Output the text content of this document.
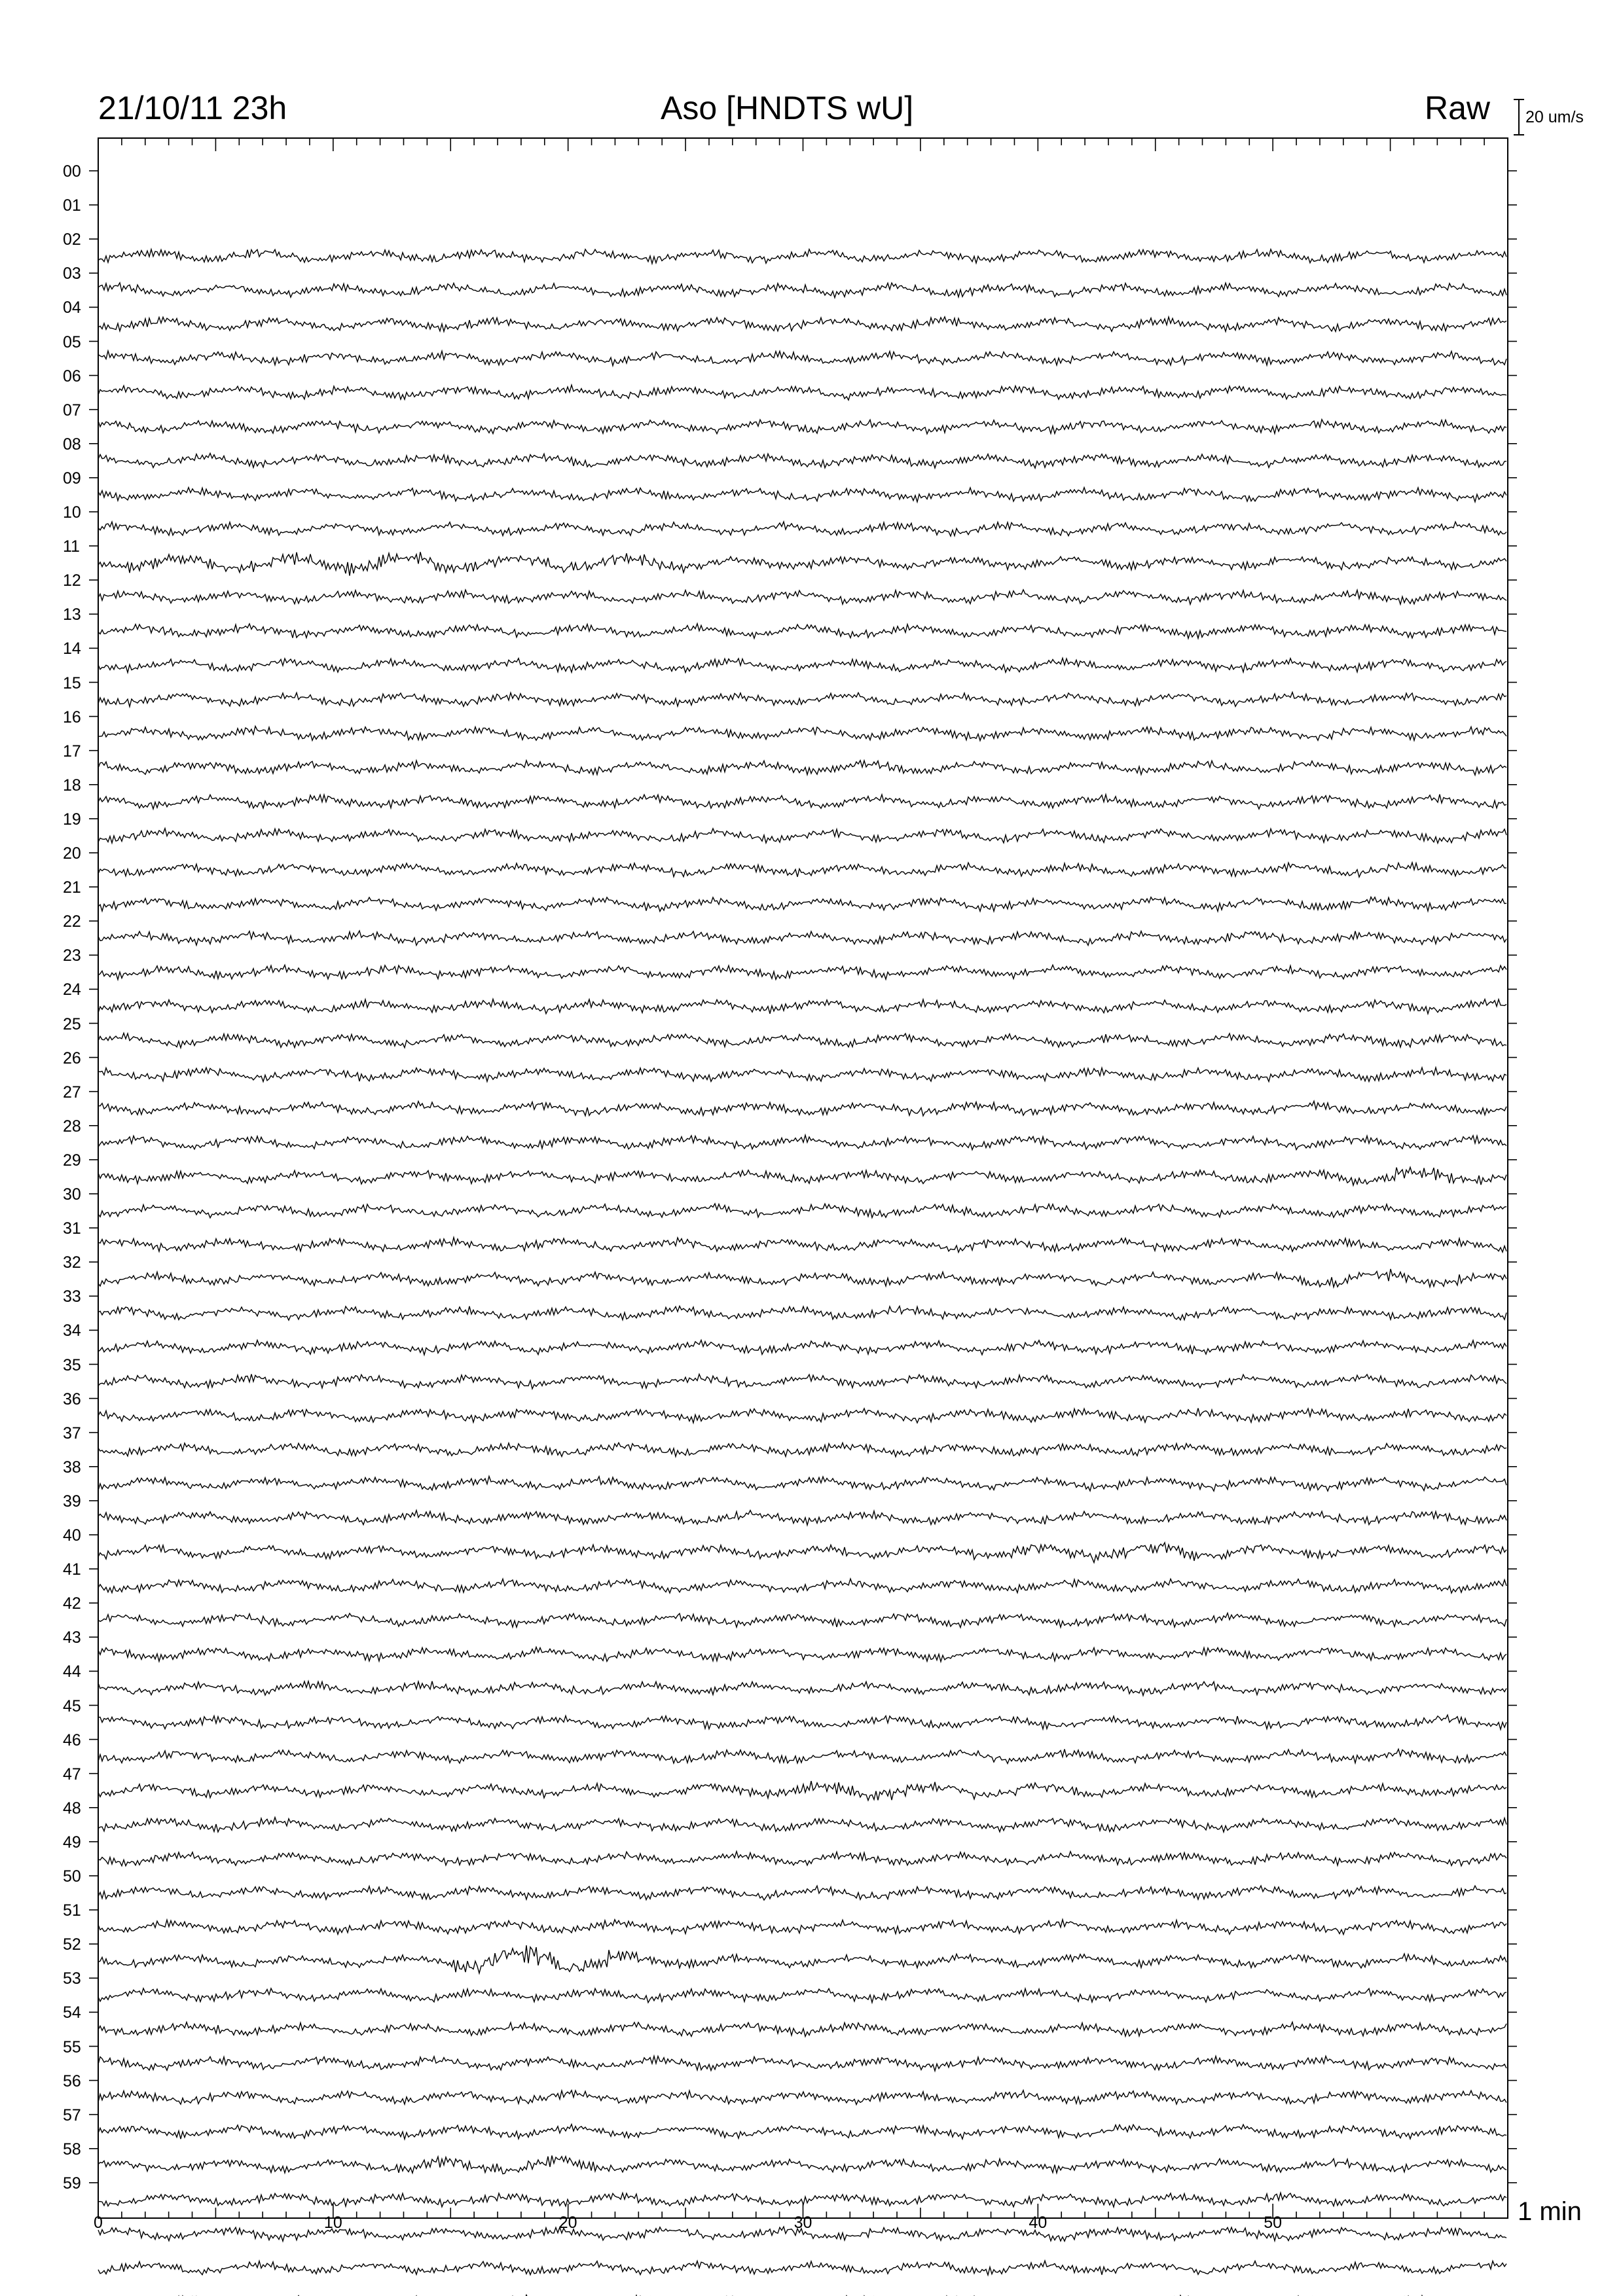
21/10/11 23h	Aso [HNDTS wU]	Raw 20 um/s
1 min
00
01
02
03
04
05
06
07
08
09
10
11
12
13
14
15
16
17
18
19
20
21
22
23
24
25
26
27
28
29
30
31
32
33
34
35
36
37
38
39
40
41
42
43
44
45
46
47
48
49
50
51
52
53
54
55
56
57
58
59
0	10	20	30	40	50
